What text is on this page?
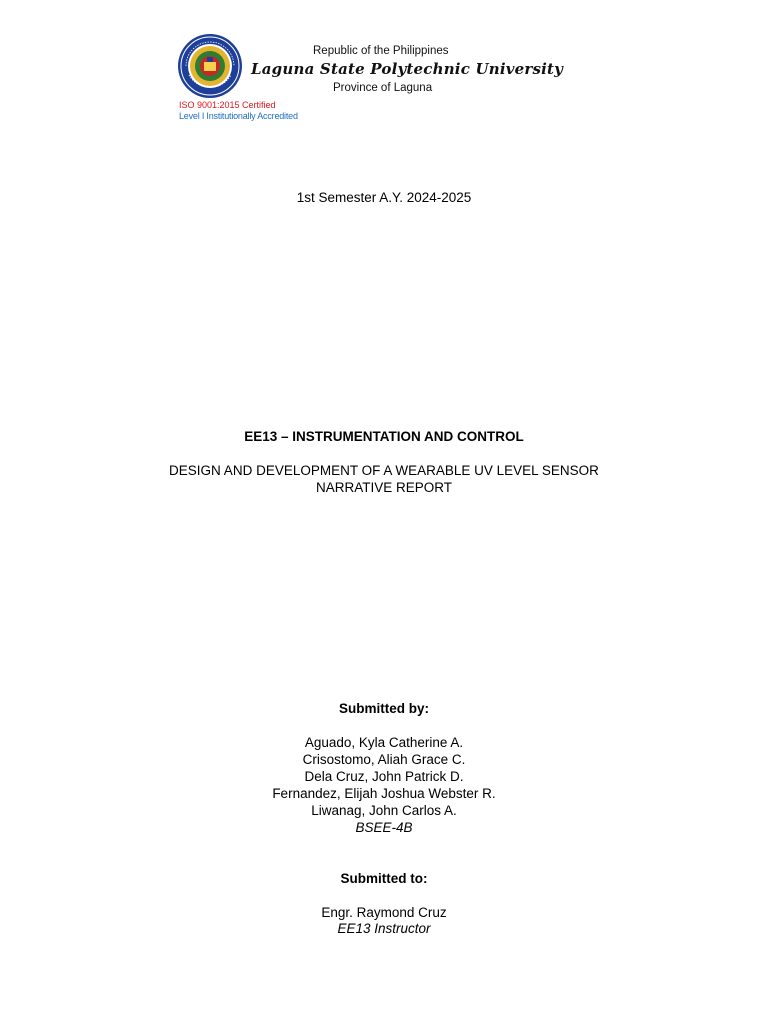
Republic of the Philippines
Laguna State Polytechnic University
Province of Laguna
ISO 9001:2015 Certified
Level I Institutionally Accredited
1st Semester A.Y. 2024-2025
EE13 – INSTRUMENTATION AND CONTROL
DESIGN AND DEVELOPMENT OF A WEARABLE UV LEVEL SENSOR
NARRATIVE REPORT
Submitted by:
Aguado, Kyla Catherine A.
Crisostomo, Aliah Grace C.
Dela Cruz, John Patrick D.
Fernandez, Elijah Joshua Webster R.
Liwanag, John Carlos A.
BSEE-4B
Submitted to:
Engr. Raymond Cruz
EE13 Instructor
